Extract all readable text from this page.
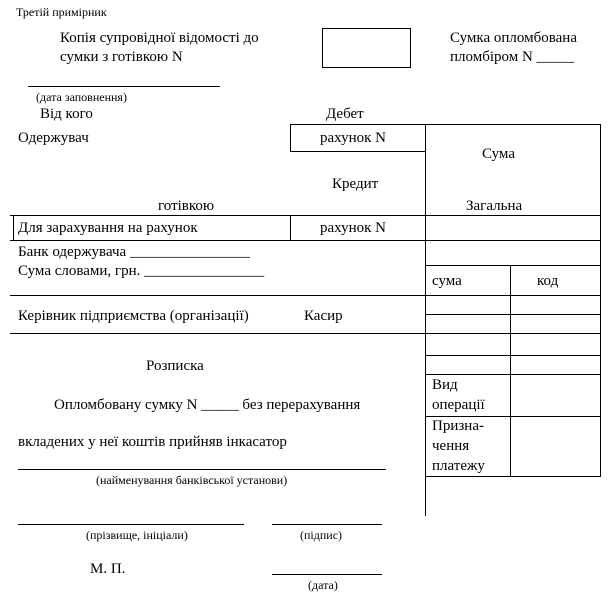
Третій примірник
Копія супровідної відомості до
сумки з готівкою N
Сумка опломбована
пломбіром N _____
(дата заповнення)
Від кого	Дебет
Одержувач	рахунок N
Кредит
готівкою
Для зарахування на рахунок	рахунок N
Банк одержувача ________________
Сума словами, грн. ________________
Керівник підприємства (організації)	Касир
Сума
Загальна
сума	код
Вид
операції
Призна-
чення
платежу
Розписка
Опломбовану сумку N _____ без перерахування
вкладених у неї коштів прийняв інкасатор
(найменування банківської установи)
(прізвище, ініціали)	(підпис)
М. П.
(дата)
